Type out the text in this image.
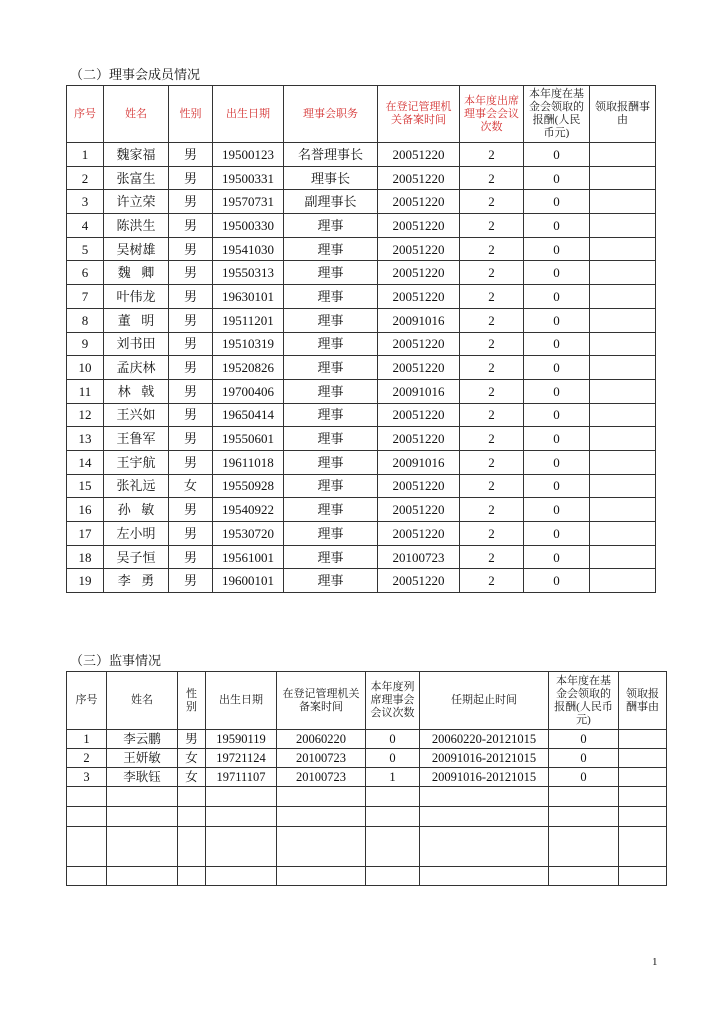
（二）理事会成员情况
序号	姓名	性别	出生日期	理事会职务	在登记管理机关备案时间	本年度出席理事会会议次数	本年度在基金会领取的报酬(人民币元)	领取报酬事由
1	魏家福	男	19500123	名誉理事长	20051220	2	0	
2	张富生	男	19500331	理事长	20051220	2	0	
3	许立荣	男	19570731	副理事长	20051220	2	0	
4	陈洪生	男	19500330	理事	20051220	2	0	
5	吴树雄	男	19541030	理事	20051220	2	0	
6	魏 卿	男	19550313	理事	20051220	2	0	
7	叶伟龙	男	19630101	理事	20051220	2	0	
8	董 明	男	19511201	理事	20091016	2	0	
9	刘书田	男	19510319	理事	20051220	2	0	
10	孟庆林	男	19520826	理事	20051220	2	0	
11	林 戟	男	19700406	理事	20091016	2	0	
12	王兴如	男	19650414	理事	20051220	2	0	
13	王鲁军	男	19550601	理事	20051220	2	0	
14	王宇航	男	19611018	理事	20091016	2	0	
15	张礼远	女	19550928	理事	20051220	2	0	
16	孙 敏	男	19540922	理事	20051220	2	0	
17	左小明	男	19530720	理事	20051220	2	0	
18	吴子恒	男	19561001	理事	20100723	2	0	
19	李 勇	男	19600101	理事	20051220	2	0	
（三）监事情况
序号	姓名	性别	出生日期	在登记管理机关备案时间	本年度列席理事会会议次数	任期起止时间	本年度在基金会领取的报酬(人民币元)	领取报酬事由
1	李云鹏	男	19590119	20060220	0	20060220-20121015	0	
2	王妍敏	女	19721124	20100723	0	20091016-20121015	0	
3	李耿钰	女	19711107	20100723	1	20091016-20121015	0	

1
